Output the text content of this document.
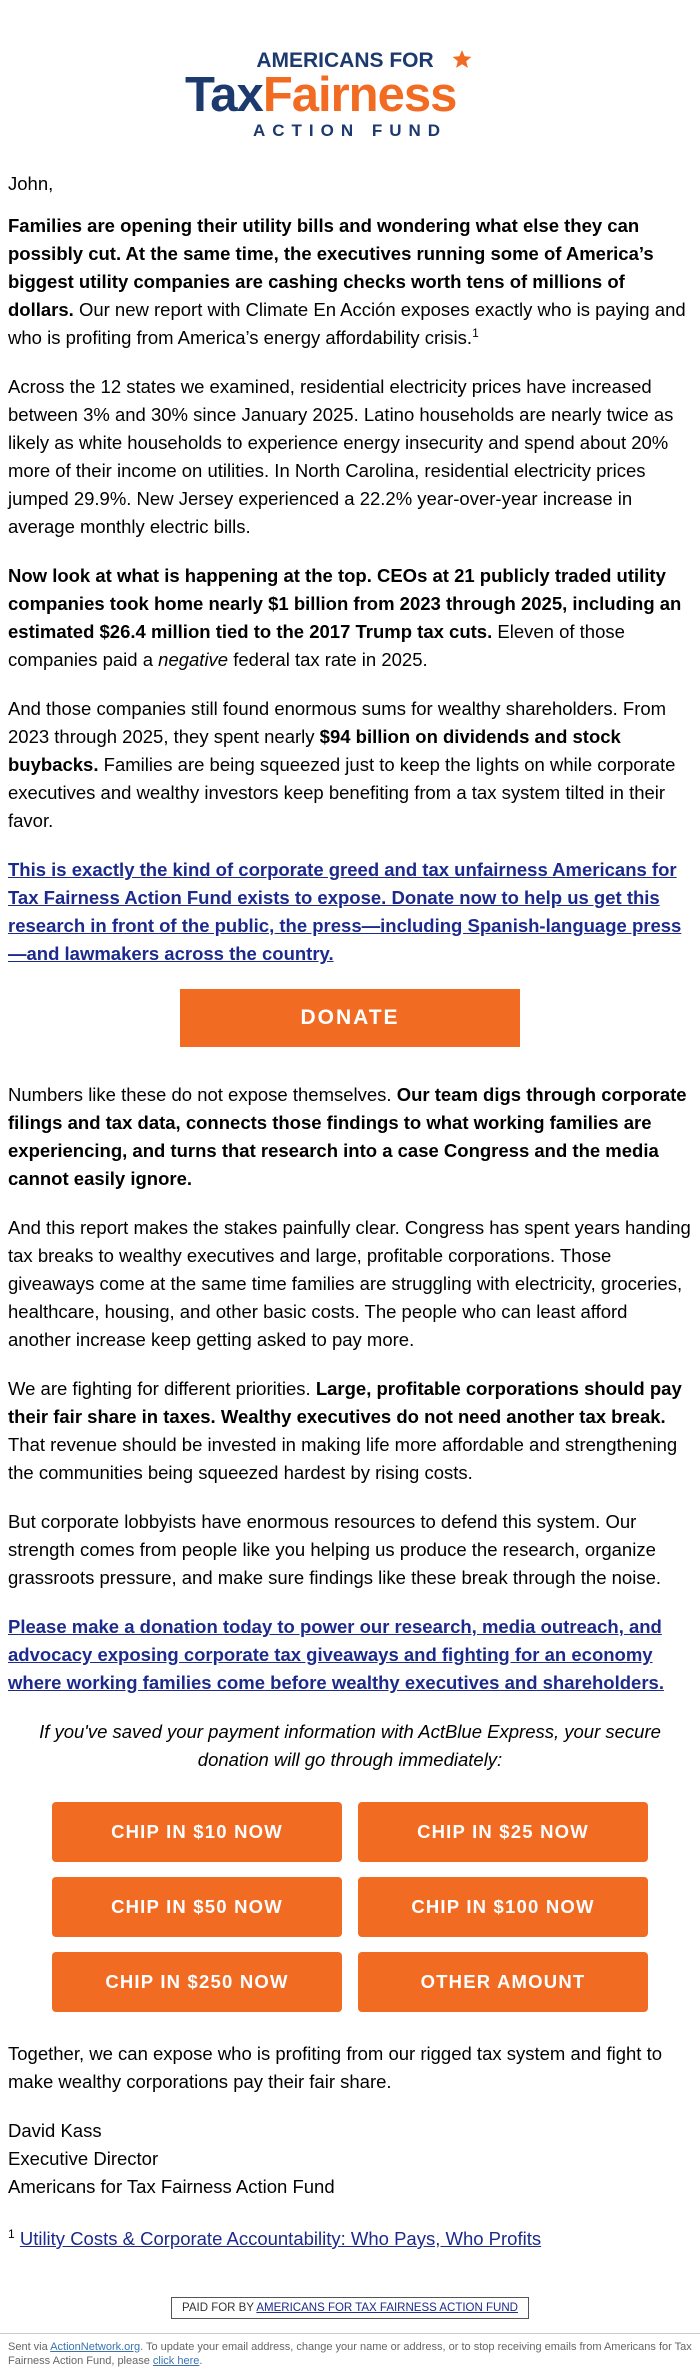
AMERICANS FOR
TaxFairness
ACTION FUND

John,

Families are opening their utility bills and wondering what else they can possibly cut. At the same time, the executives running some of America’s biggest utility companies are cashing checks worth tens of millions of dollars. Our new report with Climate En Acción exposes exactly who is paying and who is profiting from America’s energy affordability crisis.$^1$

Across the 12 states we examined, residential electricity prices have increased between 3% and 30% since January 2025. Latino households are nearly twice as likely as white households to experience energy insecurity and spend about 20% more of their income on utilities. In North Carolina, residential electricity prices jumped 29.9%. New Jersey experienced a 22.2% year-over-year increase in average monthly electric bills.

Now look at what is happening at the top. CEOs at 21 publicly traded utility companies took home nearly $1 billion from 2023 through 2025, including an estimated $26.4 million tied to the 2017 Trump tax cuts. Eleven of those companies paid a negative federal tax rate in 2025.

And those companies still found enormous sums for wealthy shareholders. From 2023 through 2025, they spent nearly $94 billion on dividends and stock buybacks. Families are being squeezed just to keep the lights on while corporate executives and wealthy investors keep benefiting from a tax system tilted in their favor.

This is exactly the kind of corporate greed and tax unfairness Americans for Tax Fairness Action Fund exists to expose. Donate now to help us get this research in front of the public, the press—including Spanish-language press—and lawmakers across the country.

DONATE

Numbers like these do not expose themselves. Our team digs through corporate filings and tax data, connects those findings to what working families are experiencing, and turns that research into a case Congress and the media cannot easily ignore.

And this report makes the stakes painfully clear. Congress has spent years handing tax breaks to wealthy executives and large, profitable corporations. Those giveaways come at the same time families are struggling with electricity, groceries, healthcare, housing, and other basic costs. The people who can least afford another increase keep getting asked to pay more.

We are fighting for different priorities. Large, profitable corporations should pay their fair share in taxes. Wealthy executives do not need another tax break. That revenue should be invested in making life more affordable and strengthening the communities being squeezed hardest by rising costs.

But corporate lobbyists have enormous resources to defend this system. Our strength comes from people like you helping us produce the research, organize grassroots pressure, and make sure findings like these break through the noise.

Please make a donation today to power our research, media outreach, and advocacy exposing corporate tax giveaways and fighting for an economy where working families come before wealthy executives and shareholders.

If you've saved your payment information with ActBlue Express, your secure donation will go through immediately:

CHIP IN $10 NOW	CHIP IN $25 NOW
CHIP IN $50 NOW	CHIP IN $100 NOW
CHIP IN $250 NOW	OTHER AMOUNT

Together, we can expose who is profiting from our rigged tax system and fight to make wealthy corporations pay their fair share.

David Kass

Executive Director

Americans for Tax Fairness Action Fund

$^1$ Utility Costs & Corporate Accountability: Who Pays, Who Profits
PAID FOR BY AMERICANS FOR TAX FAIRNESS ACTION FUND
Sent via ActionNetwork.org. To update your email address, change your name or address, or to stop receiving emails from Americans for Tax Fairness Action Fund, please click here.
